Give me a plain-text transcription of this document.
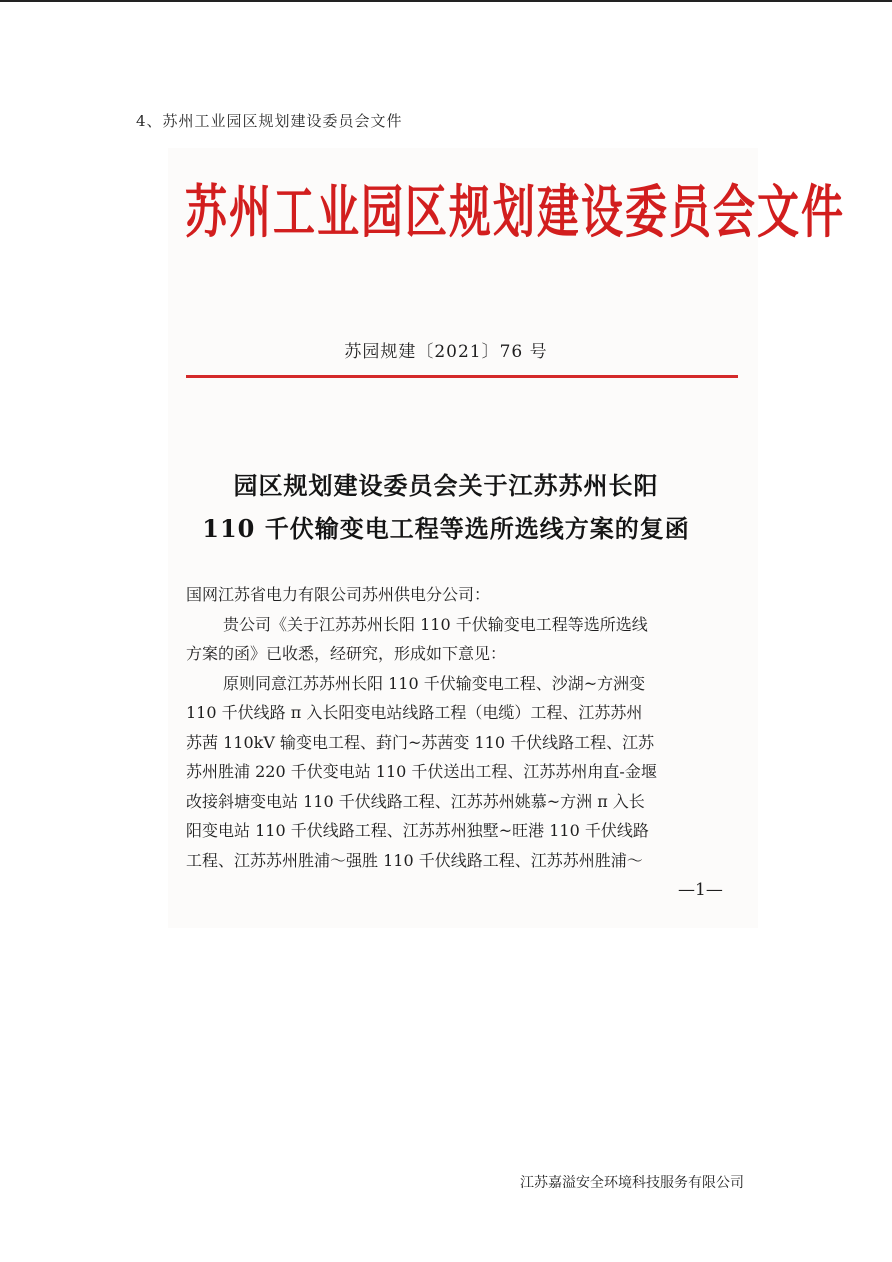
4、苏州工业园区规划建设委员会文件
苏州工业园区规划建设委员会文件
苏园规建〔2021〕76 号
园区规划建设委员会关于江苏苏州长阳
110 千伏输变电工程等选所选线方案的复函
国网江苏省电力有限公司苏州供电分公司：
贵公司《关于江苏苏州长阳 110 千伏输变电工程等选所选线
方案的函》已收悉，经研究，形成如下意见：
原则同意江苏苏州长阳 110 千伏输变电工程、沙湖~方洲变
110 千伏线路 π 入长阳变电站线路工程（电缆）工程、江苏苏州
苏茜 110kV 输变电工程、葑门~苏茜变 110 千伏线路工程、江苏
苏州胜浦 220 千伏变电站 110 千伏送出工程、江苏苏州甪直-金堰
改接斜塘变电站 110 千伏线路工程、江苏苏州姚慕~方洲 π 入长
阳变电站 110 千伏线路工程、江苏苏州独墅~旺港 110 千伏线路
工程、江苏苏州胜浦～强胜 110 千伏线路工程、江苏苏州胜浦～
—1—
江苏嘉溢安全环境科技服务有限公司
